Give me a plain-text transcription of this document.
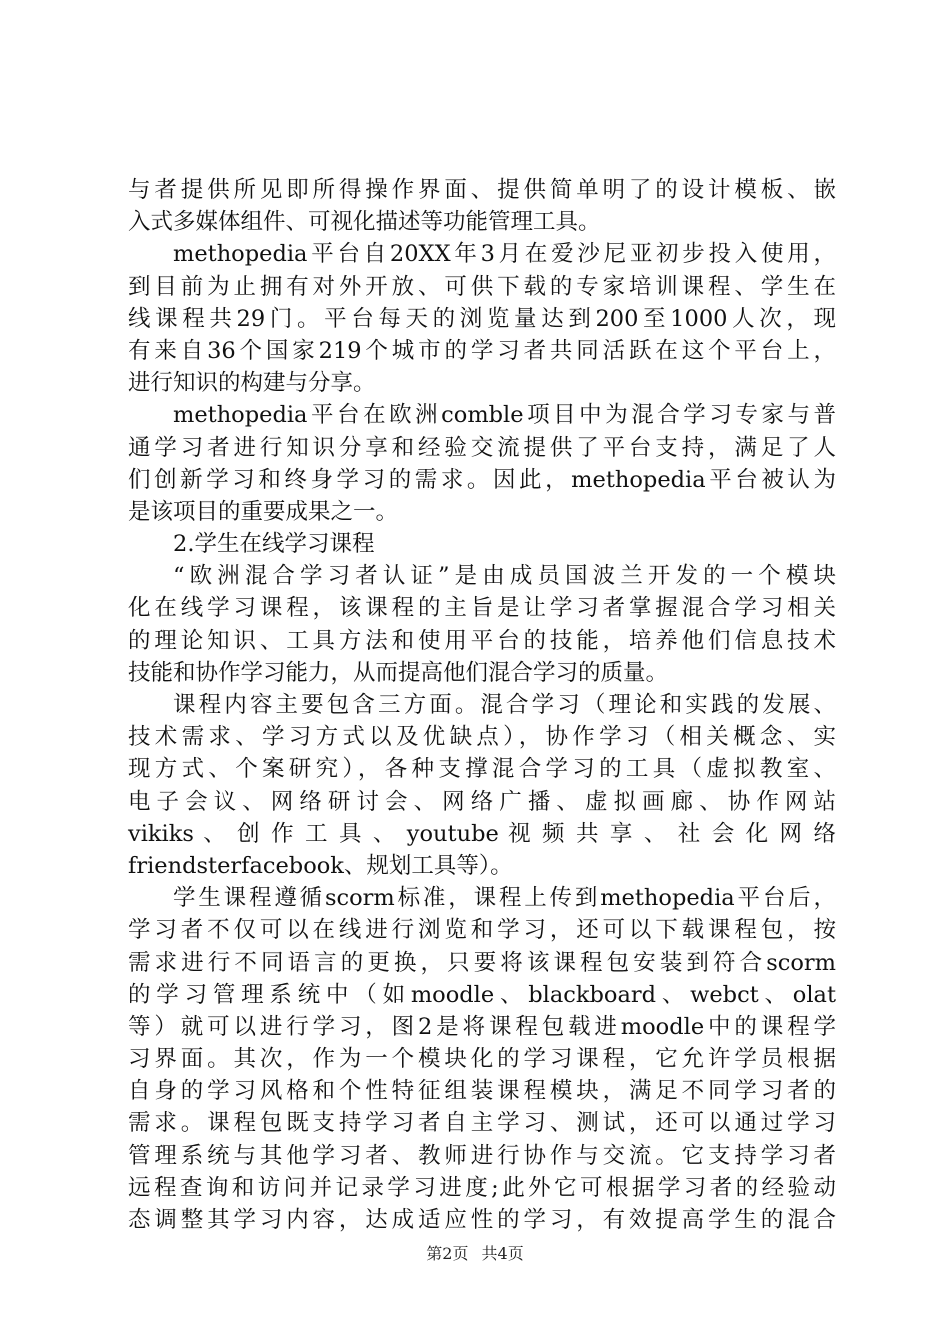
与者提供所见即所得操作界面、提供简单明了的设计模板、嵌
入式多媒体组件、可视化描述等功能管理工具。
methopedia平台自20XX年3月在爱沙尼亚初步投入使用，
到目前为止拥有对外开放、可供下载的专家培训课程、学生在
线课程共29门。平台每天的浏览量达到200至1000人次，现
有来自36个国家219个城市的学习者共同活跃在这个平台上，
进行知识的构建与分享。
methopedia平台在欧洲comble项目中为混合学习专家与普
通学习者进行知识分享和经验交流提供了平台支持，满足了人
们创新学习和终身学习的需求。因此，methopedia平台被认为
是该项目的重要成果之一。
2.学生在线学习课程
“欧洲混合学习者认证”是由成员国波兰开发的一个模块
化在线学习课程，该课程的主旨是让学习者掌握混合学习相关
的理论知识、工具方法和使用平台的技能，培养他们信息技术
技能和协作学习能力，从而提高他们混合学习的质量。
课程内容主要包含三方面。混合学习（理论和实践的发展、
技术需求、学习方式以及优缺点），协作学习（相关概念、实
现方式、个案研究），各种支撑混合学习的工具（虚拟教室、
电子会议、网络研讨会、网络广播、虚拟画廊、协作网站
vikiks 、 创 作 工 具 、 youtube 视 频 共 享 、 社 会 化 网 络
friendsterfacebook、规划工具等）。
学生课程遵循scorm标准，课程上传到methopedia平台后，
学习者不仅可以在线进行浏览和学习，还可以下载课程包，按
需求进行不同语言的更换，只要将该课程包安装到符合scorm
的学习管理系统中（如moodle、blackboard、webct、olat
等）就可以进行学习，图2是将课程包载进moodle中的课程学
习界面。其次，作为一个模块化的学习课程，它允许学员根据
自身的学习风格和个性特征组装课程模块，满足不同学习者的
需求。课程包既支持学习者自主学习、测试，还可以通过学习
管理系统与其他学习者、教师进行协作与交流。它支持学习者
远程查询和访问并记录学习进度;此外它可根据学习者的经验动
态调整其学习内容，达成适应性的学习，有效提高学生的混合
第2页 共4页
